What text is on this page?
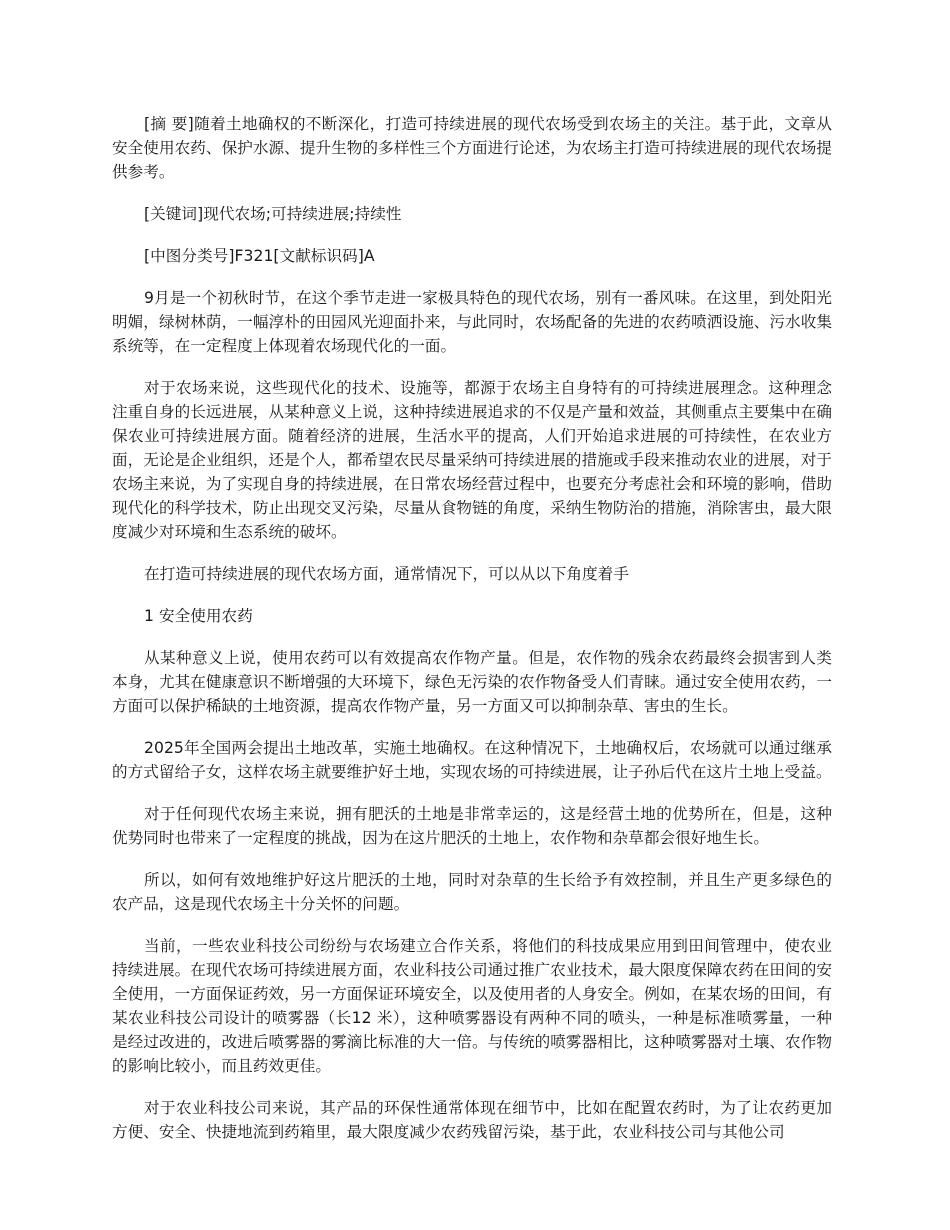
[摘 要]随着土地确权的不断深化，打造可持续进展的现代农场受到农场主的关注。基于此，文章从安全使用农药、保护水源、提升生物的多样性三个方面进行论述，为农场主打造可持续进展的现代农场提供参考。

[关键词]现代农场;可持续进展;持续性

[中图分类号]F321[文献标识码]A

9月是一个初秋时节，在这个季节走进一家极具特色的现代农场，别有一番风味。在这里，到处阳光明媚，绿树林荫，一幅淳朴的田园风光迎面扑来，与此同时，农场配备的先进的农药喷洒设施、污水收集系统等，在一定程度上体现着农场现代化的一面。

对于农场来说，这些现代化的技术、设施等，都源于农场主自身特有的可持续进展理念。这种理念注重自身的长远进展，从某种意义上说，这种持续进展追求的不仅是产量和效益，其侧重点主要集中在确保农业可持续进展方面。随着经济的进展，生活水平的提高，人们开始追求进展的可持续性，在农业方面，无论是企业组织，还是个人，都希望农民尽量采纳可持续进展的措施或手段来推动农业的进展，对于农场主来说，为了实现自身的持续进展，在日常农场经营过程中，也要充分考虑社会和环境的影响，借助现代化的科学技术，防止出现交叉污染，尽量从食物链的角度，采纳生物防治的措施，消除害虫，最大限度减少对环境和生态系统的破坏。

在打造可持续进展的现代农场方面，通常情况下，可以从以下角度着手

1 安全使用农药

从某种意义上说，使用农药可以有效提高农作物产量。但是，农作物的残余农药最终会损害到人类本身，尤其在健康意识不断增强的大环境下，绿色无污染的农作物备受人们青睐。通过安全使用农药，一方面可以保护稀缺的土地资源，提高农作物产量，另一方面又可以抑制杂草、害虫的生长。

2025年全国两会提出土地改革，实施土地确权。在这种情况下，土地确权后，农场就可以通过继承的方式留给子女，这样农场主就要维护好土地，实现农场的可持续进展，让子孙后代在这片土地上受益。

对于任何现代农场主来说，拥有肥沃的土地是非常幸运的，这是经营土地的优势所在，但是，这种优势同时也带来了一定程度的挑战，因为在这片肥沃的土地上，农作物和杂草都会很好地生长。

所以，如何有效地维护好这片肥沃的土地，同时对杂草的生长给予有效控制，并且生产更多绿色的农产品，这是现代农场主十分关怀的问题。

当前，一些农业科技公司纷纷与农场建立合作关系，将他们的科技成果应用到田间管理中，使农业持续进展。在现代农场可持续进展方面，农业科技公司通过推广农业技术，最大限度保障农药在田间的安全使用，一方面保证药效，另一方面保证环境安全，以及使用者的人身安全。例如，在某农场的田间，有某农业科技公司设计的喷雾器（长12 米），这种喷雾器设有两种不同的喷头，一种是标准喷雾量，一种是经过改进的，改进后喷雾器的雾滴比标准的大一倍。与传统的喷雾器相比，这种喷雾器对土壤、农作物的影响比较小，而且药效更佳。

对于农业科技公司来说，其产品的环保性通常体现在细节中，比如在配置农药时，为了让农药更加方便、安全、快捷地流到药箱里，最大限度减少农药残留污染，基于此，农业科技公司与其他公司
